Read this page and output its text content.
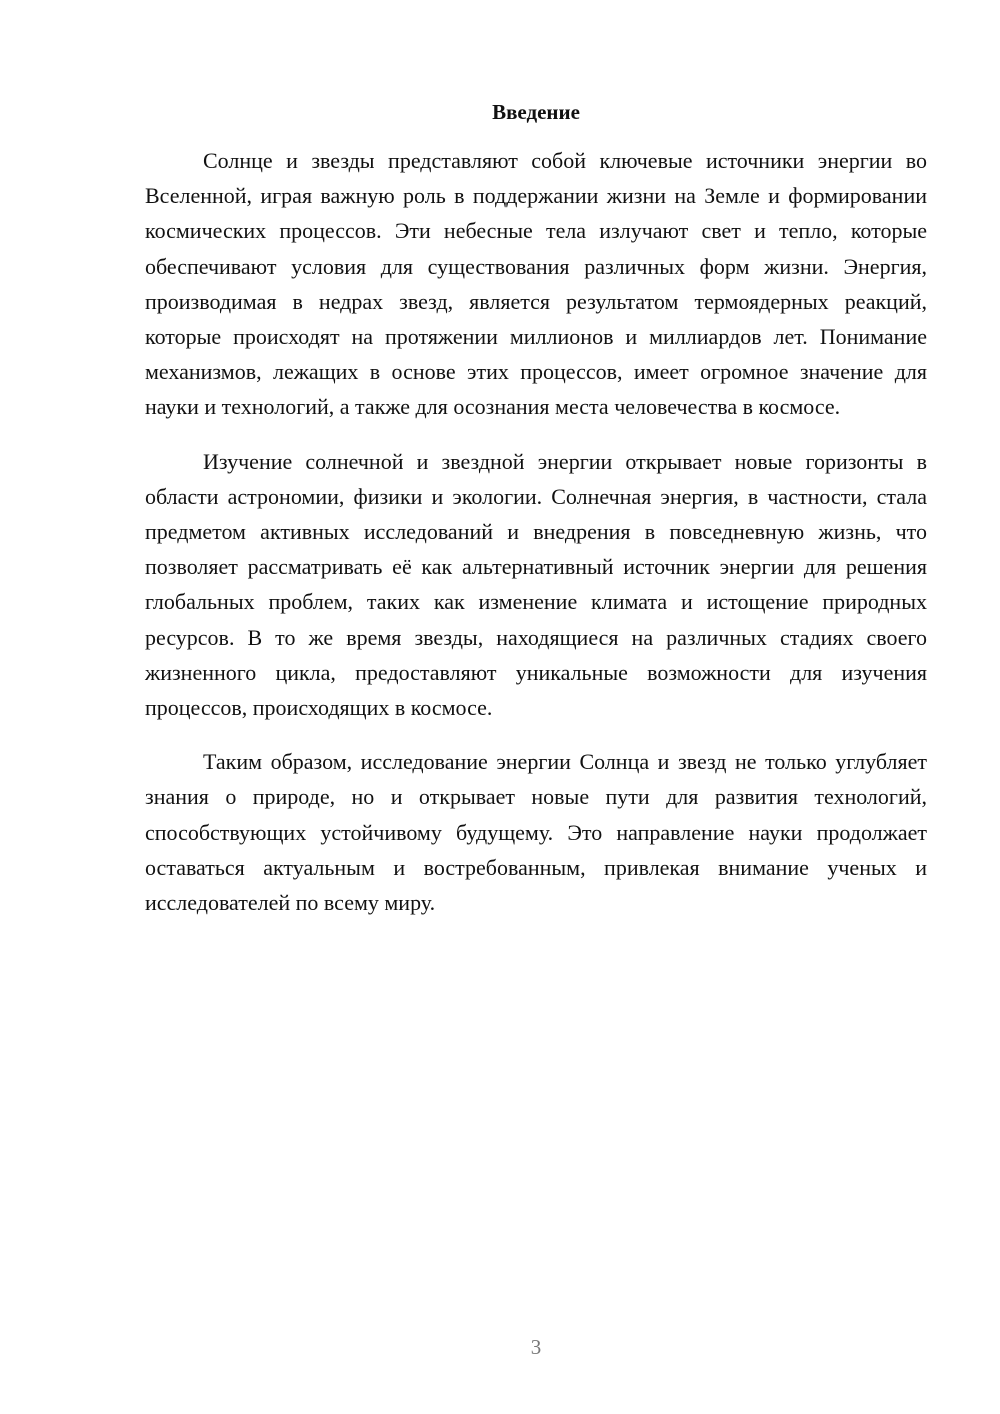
Введение

Солнце и звезды представляют собой ключевые источники энергии во Вселенной, играя важную роль в поддержании жизни на Земле и формировании космических процессов. Эти небесные тела излучают свет и тепло, которые обеспечивают условия для существования различных форм жизни. Энергия, производимая в недрах звезд, является результатом термоядерных реакций, которые происходят на протяжении миллионов и миллиардов лет. Понимание механизмов, лежащих в основе этих процессов, имеет огромное значение для науки и технологий, а также для осознания места человечества в космосе.

Изучение солнечной и звездной энергии открывает новые горизонты в области астрономии, физики и экологии. Солнечная энергия, в частности, стала предметом активных исследований и внедрения в повседневную жизнь, что позволяет рассматривать её как альтернативный источник энергии для решения глобальных проблем, таких как изменение климата и истощение природных ресурсов. В то же время звезды, находящиеся на различных стадиях своего жизненного цикла, предоставляют уникальные возможности для изучения процессов, происходящих в космосе.

Таким образом, исследование энергии Солнца и звезд не только углубляет знания о природе, но и открывает новые пути для развития технологий, способствующих устойчивому будущему. Это направление науки продолжает оставаться актуальным и востребованным, привлекая внимание ученых и исследователей по всему миру.

3
